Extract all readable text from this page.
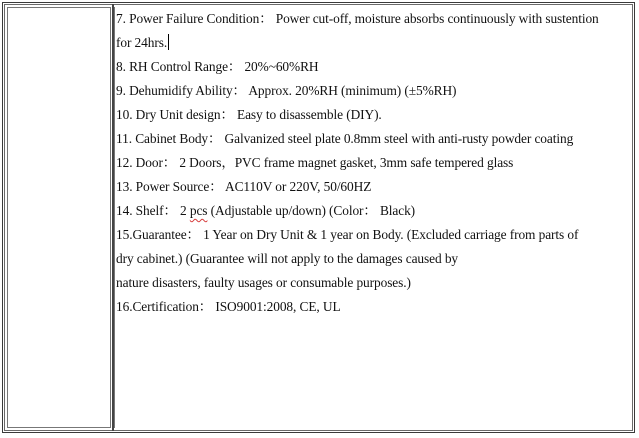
7. Power Failure Condition： Power cut-off, moisture absorbs continuously with sustention
for 24hrs.
8. RH Control Range： 20%~60%RH
9. Dehumidify Ability： Approx. 20%RH (minimum) (±5%RH)
10. Dry Unit design： Easy to disassemble (DIY).
11. Cabinet Body： Galvanized steel plate 0.8mm steel with anti-rusty powder coating
12. Door： 2 Doors，PVC frame magnet gasket, 3mm safe tempered glass
13. Power Source： AC110V or 220V, 50/60HZ
14. Shelf： 2 pcs (Adjustable up/down) (Color： Black)
15.Guarantee： 1 Year on Dry Unit & 1 year on Body. (Excluded carriage from parts of
dry cabinet.) (Guarantee will not apply to the damages caused by
nature disasters, faulty usages or consumable purposes.)
16.Certification： ISO9001:2008, CE, UL
